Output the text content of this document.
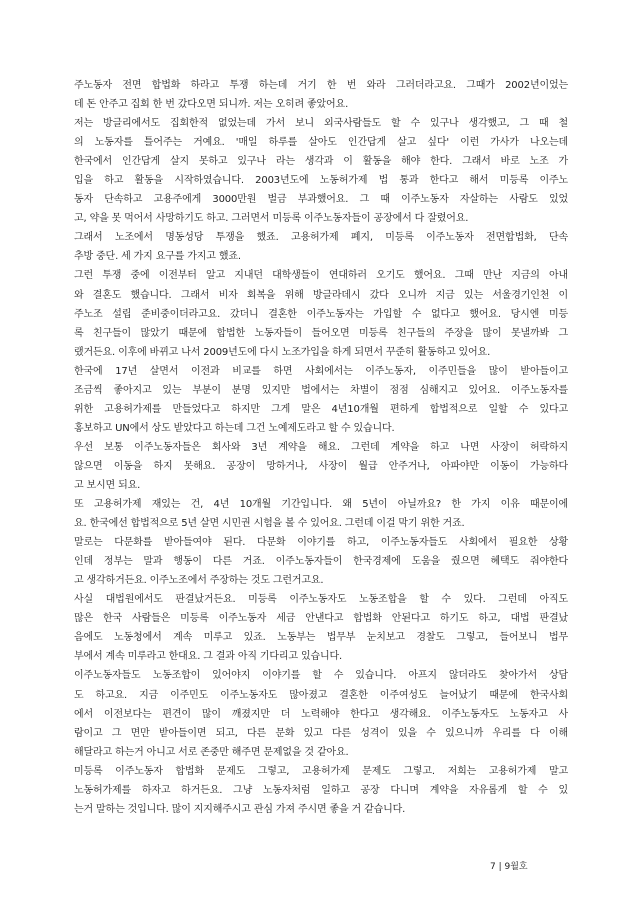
주노동자 전면 합법화 하라고 투쟁 하는데 거기 한 번 와라 그러더라고요. 그때가 2002년이었는
데 돈 안주고 집회 한 번 갔다오면 되니까. 저는 오히려 좋았어요.
저는 방글리에서도 집회한적 없었는데 가서 보니 외국사람들도 할 수 있구나 생각했고, 그 때 철
의 노동자를 틀어주는 거예요. '매일 하루를 살아도 인간답게 살고 싶다' 이런 가사가 나오는데
한국에서 인간답게 살지 못하고 있구나 라는 생각과 이 활동을 해야 한다. 그래서 바로 노조 가
입을 하고 활동을 시작하였습니다. 2003년도에 노동허가제 법 통과 한다고 해서 미등록 이주노
동자 단속하고 고용주에게 3000만원 벌금 부과했어요. 그 때 이주노동자 자살하는 사람도 있었
고, 약을 못 먹어서 사망하기도 하고. 그러면서 미등록 이주노동자들이 공장에서 다 잘렸어요.
그래서 노조에서 명동성당 투쟁을 했죠. 고용허가제 폐지, 미등록 이주노동자 전면합법화, 단속
추방 중단. 세 가지 요구를 가지고 했죠.
그런 투쟁 중에 이전부터 알고 지내던 대학생들이 연대하러 오기도 했어요. 그때 만난 지금의 아내
와 결혼도 했습니다. 그래서 비자 회복을 위해 방글라데시 갔다 오니까 지금 있는 서울경기인천 이
주노조 설립 준비중이더라고요. 갔더니 결혼한 이주노동자는 가입할 수 없다고 했어요. 당시엔 미등
록 친구들이 많았기 때문에 합법한 노동자들이 들어오면 미등록 친구들의 주장을 많이 못낼까봐 그
랬거든요. 이후에 바뀌고 나서 2009년도에 다시 노조가입을 하게 되면서 꾸준히 활동하고 있어요.
한국에 17년 살면서 이전과 비교를 하면 사회에서는 이주노동자, 이주민들을 많이 받아들이고
조금씩 좋아지고 있는 부분이 분명 있지만 법에서는 차별이 점점 심해지고 있어요. 이주노동자를
위한 고용허가제를 만들었다고 하지만 그게 말은 4년10개월 편하게 합법적으로 일할 수 있다고
홍보하고 UN에서 상도 받았다고 하는데 그건 노예제도라고 할 수 있습니다.
우선 보통 이주노동자들은 회사와 3년 계약을 해요. 그런데 계약을 하고 나면 사장이 허락하지
않으면 이동을 하지 못해요. 공장이 망하거나, 사장이 월급 안주거나, 아파야만 이동이 가능하다
고 보시면 되요.
또 고용허가제 재있는 건, 4년 10개월 기간입니다. 왜 5년이 아닐까요? 한 가지 이유 때문이에
요. 한국에선 합법적으로 5년 살면 시민권 시험을 볼 수 있어요. 그런데 이걸 막기 위한 거죠.
말로는 다문화를 받아들여야 된다. 다문화 이야기를 하고, 이주노동자들도 사회에서 필요한 상황
인데 정부는 말과 행동이 다른 거죠. 이주노동자들이 한국경제에 도움을 줬으면 혜택도 줘야한다
고 생각하거든요. 이주노조에서 주장하는 것도 그런거고요.
사실 대법원에서도 판결났거든요. 미등록 이주노동자도 노동조합을 할 수 있다. 그런데 아직도
많은 한국 사람들은 미등록 이주노동자 세금 안낸다고 합법화 안된다고 하기도 하고, 대법 판결났
음에도 노동청에서 계속 미루고 있죠. 노동부는 법무부 눈치보고 경찰도 그렇고, 들어보니 법무
부에서 계속 미루라고 한대요. 그 결과 아직 기다리고 있습니다.
이주노동자들도 노동조합이 있어야지 이야기를 할 수 있습니다. 아프지 않더라도 찾아가서 상담
도 하고요. 지금 이주민도 이주노동자도 많아졌고 결혼한 이주여성도 늘어났기 때문에 한국사회
에서 이전보다는 편견이 많이 깨졌지만 더 노력해야 한다고 생각해요. 이주노동자도 노동자고 사
람이고 그 면만 받아들이면 되고, 다른 문화 있고 다른 성격이 있을 수 있으니까 우리를 다 이해
해달라고 하는거 아니고 서로 존중만 해주면 문제없을 것 같아요.
미등록 이주노동자 합법화 문제도 그렇고, 고용허가제 문제도 그렇고. 저희는 고용허가제 말고
노동허가제를 하자고 하거든요. 그냥 노동자처럼 일하고 공장 다니며 계약을 자유롭게 할 수 있
는거 말하는 것입니다. 많이 지지해주시고 관심 가져 주시면 좋을 거 같습니다.
7 | 9월호
